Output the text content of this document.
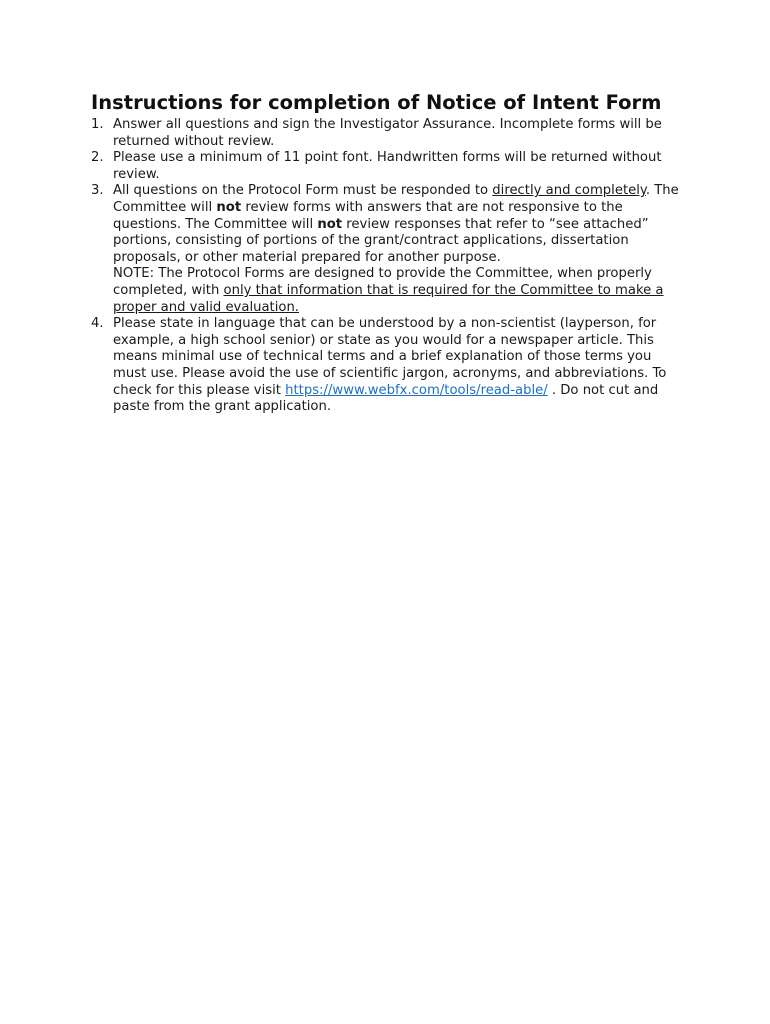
Instructions for completion of Notice of Intent Form
1. Answer all questions and sign the Investigator Assurance. Incomplete forms will be returned without review.
2. Please use a minimum of 11 point font. Handwritten forms will be returned without review.
3. All questions on the Protocol Form must be responded to directly and completely. The Committee will not review forms with answers that are not responsive to the questions. The Committee will not review responses that refer to “see attached” portions, consisting of portions of the grant/contract applications, dissertation proposals, or other material prepared for another purpose.
NOTE: The Protocol Forms are designed to provide the Committee, when properly completed, with only that information that is required for the Committee to make a proper and valid evaluation.
4. Please state in language that can be understood by a non-scientist (layperson, for example, a high school senior) or state as you would for a newspaper article. This means minimal use of technical terms and a brief explanation of those terms you must use. Please avoid the use of scientific jargon, acronyms, and abbreviations. To check for this please visit https://www.webfx.com/tools/read-able/ . Do not cut and paste from the grant application.
